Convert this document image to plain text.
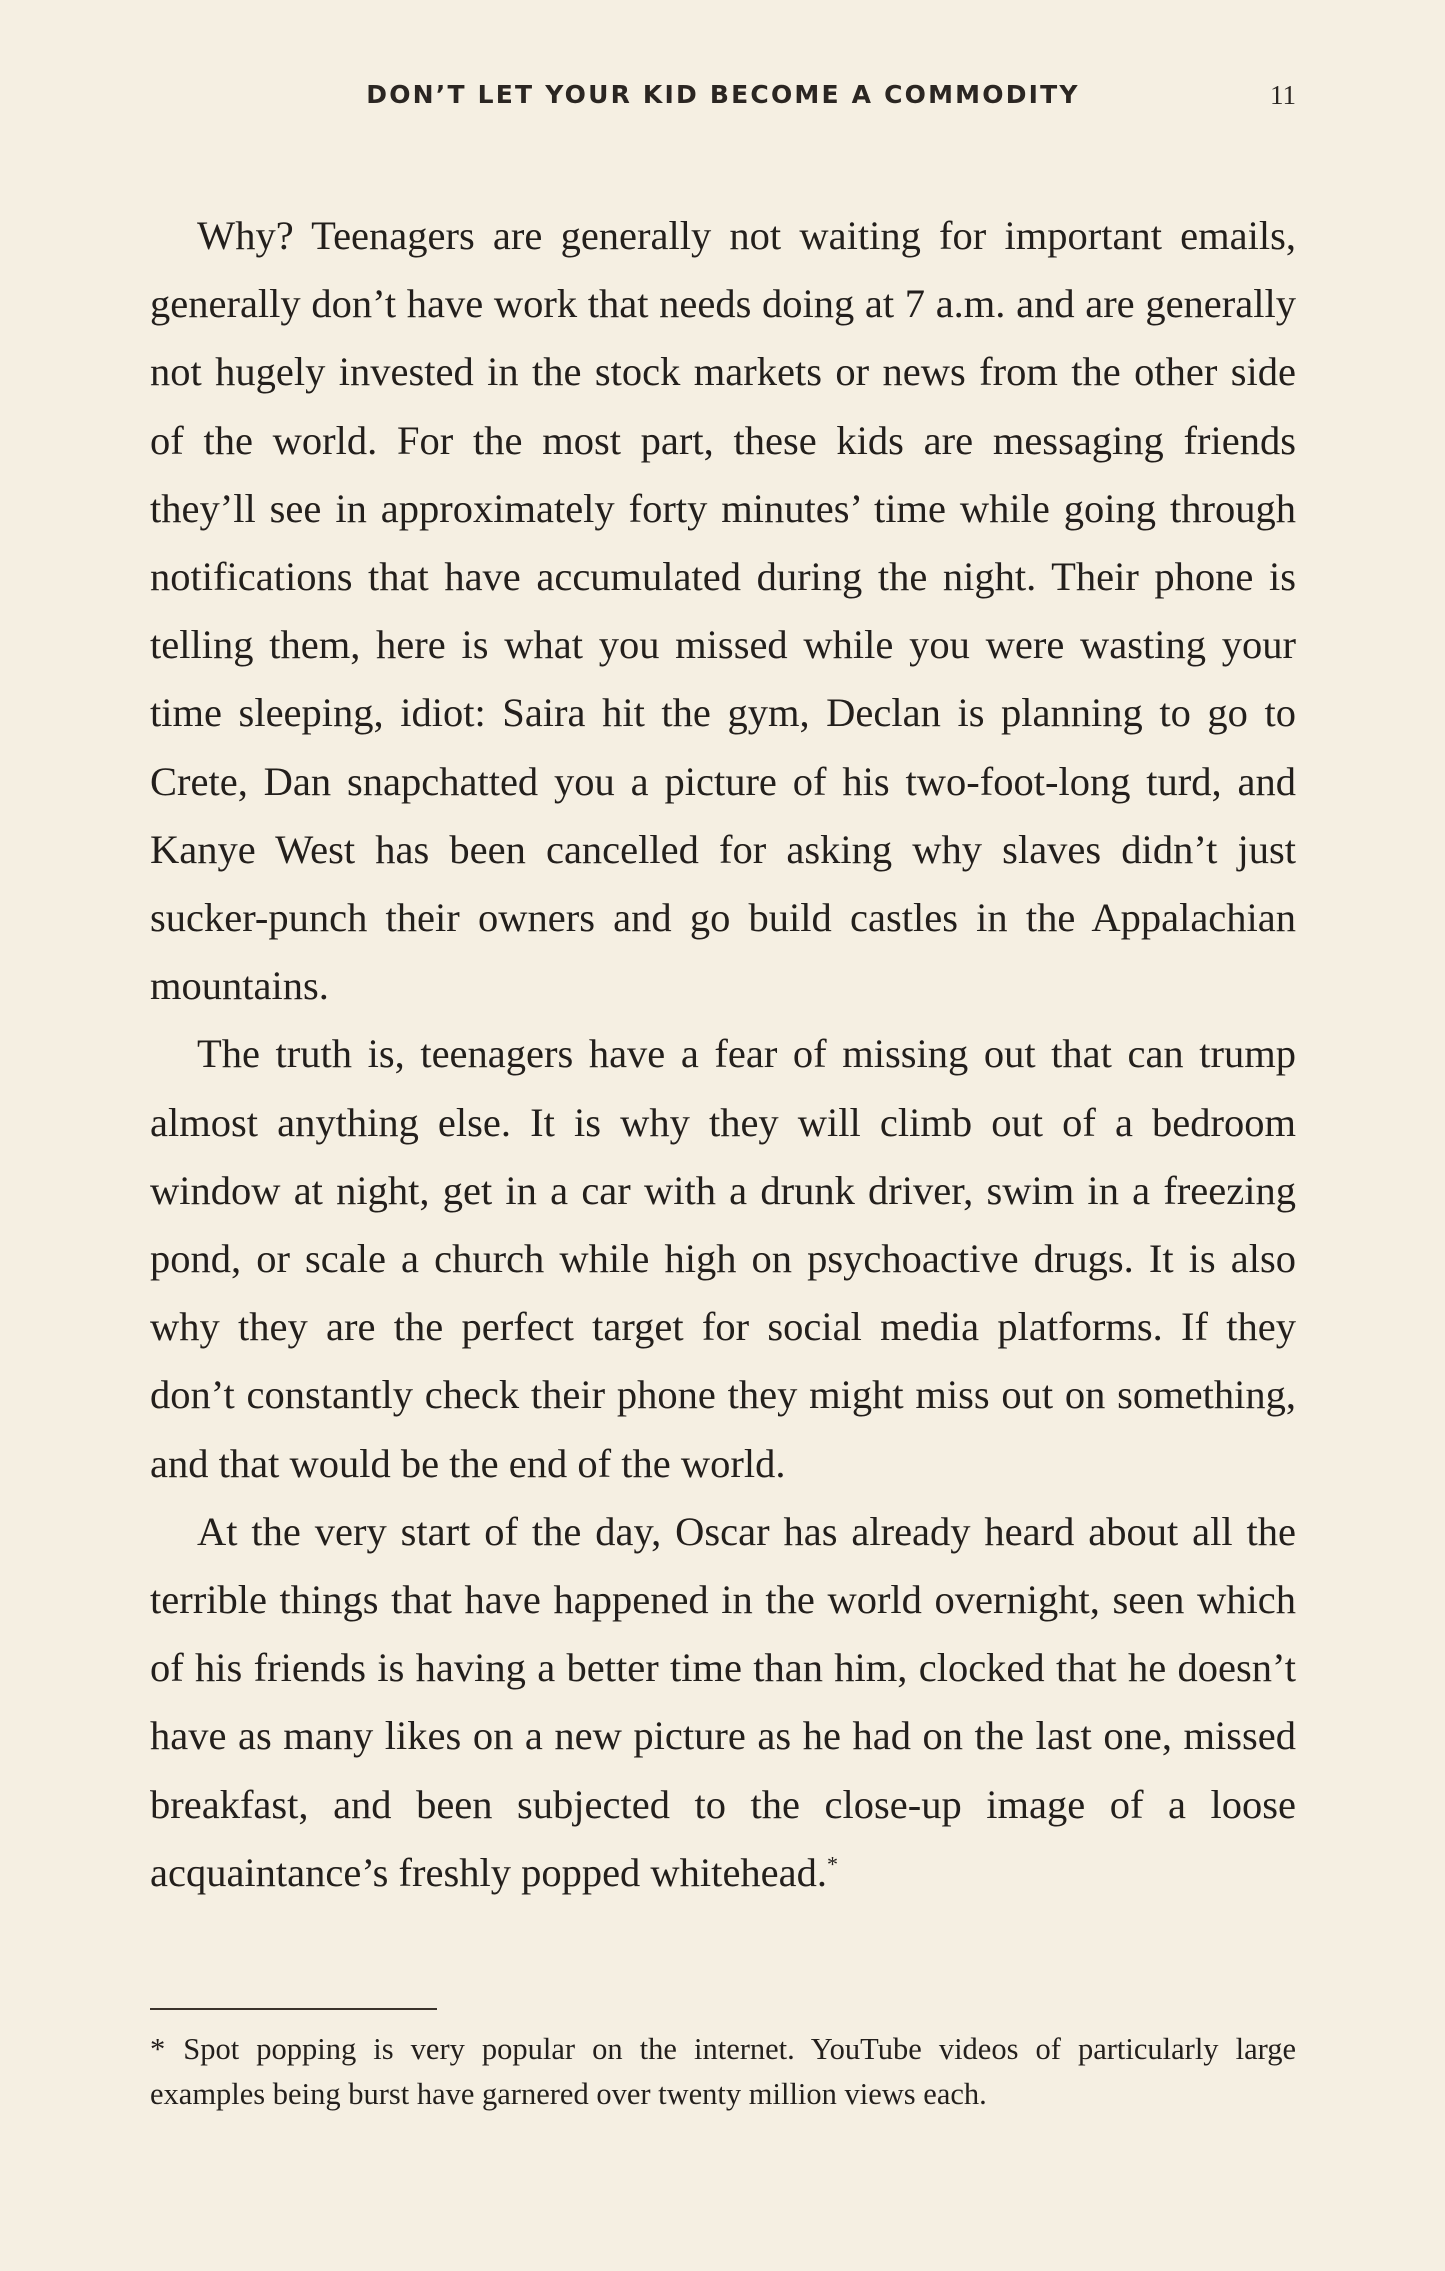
DON’T LET YOUR KID BECOME A COMMODITY	11

Why? Teenagers are generally not waiting for important emails, generally don’t have work that needs doing at 7 a.m. and are generally not hugely invested in the stock markets or news from the other side of the world. For the most part, these kids are messaging friends they’ll see in approximately forty minutes’ time while going through notifications that have accumulated during the night. Their phone is telling them, here is what you missed while you were wasting your time sleeping, idiot: Saira hit the gym, Declan is planning to go to Crete, Dan snapchatted you a picture of his two-foot-long turd, and Kanye West has been cancelled for asking why slaves didn’t just sucker-punch their owners and go build castles in the Appalachian mountains.

The truth is, teenagers have a fear of missing out that can trump almost anything else. It is why they will climb out of a bedroom window at night, get in a car with a drunk driver, swim in a freezing pond, or scale a church while high on psychoactive drugs. It is also why they are the perfect target for social media platforms. If they don’t constantly check their phone they might miss out on something, and that would be the end of the world.

At the very start of the day, Oscar has already heard about all the terrible things that have happened in the world overnight, seen which of his friends is having a better time than him, clocked that he doesn’t have as many likes on a new picture as he had on the last one, missed breakfast, and been subjected to the close-up image of a loose acquaintance’s freshly popped whitehead.*

* Spot popping is very popular on the internet. YouTube videos of particularly large examples being burst have garnered over twenty million views each.
